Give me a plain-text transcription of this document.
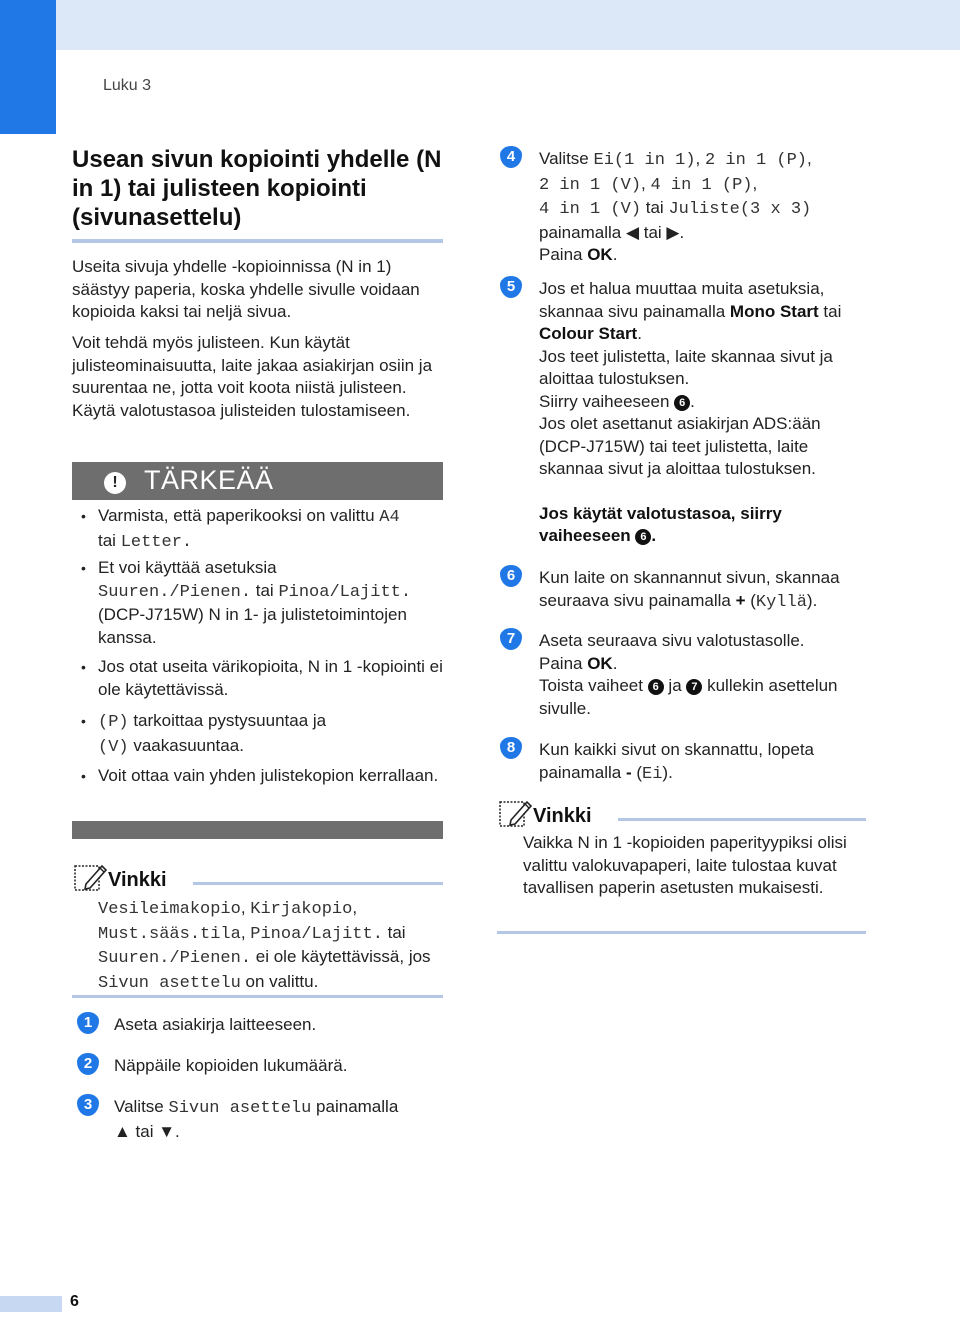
Luku 3
Usean sivun kopiointi yhdelle (N in 1) tai julisteen kopiointi (sivunasettelu)
Useita sivuja yhdelle -kopioinnissa (N in 1) säästyy paperia, koska yhdelle sivulle voidaan kopioida kaksi tai neljä sivua.
Voit tehdä myös julisteen. Kun käytät julisteominaisuutta, laite jakaa asiakirjan osiin ja suurentaa ne, jotta voit koota niistä julisteen. Käytä valotustasoa julisteiden tulostamiseen.
! TÄRKEÄÄ
• Varmista, että paperikooksi on valittu A4
tai Letter.
• Et voi käyttää asetuksia
Suuren./Pienen. tai Pinoa/Lajitt. (DCP-J715W) N in 1- ja julistetoimintojen kanssa.
• Jos otat useita värikopioita, N in 1 -kopiointi ei ole käytettävissä.
• (P) tarkoittaa pystysuuntaa ja
(V) vaakasuuntaa.
• Voit ottaa vain yhden julistekopion kerrallaan.
Vinkki
Vesileimakopio, Kirjakopio,
Must.sääs.tila, Pinoa/Lajitt. tai
Suuren./Pienen. ei ole käytettävissä, jos
Sivun asettelu on valittu.
1	Aseta asiakirja laitteeseen.
2	Näppäile kopioiden lukumäärä.
3	Valitse Sivun asettelu painamalla
▲ tai ▼.
4	Valitse Ei(1 in 1), 2 in 1 (P),
2 in 1 (V), 4 in 1 (P),
4 in 1 (V) tai Juliste(3 x 3)
painamalla ◀ tai ▶.
Paina OK.
5	Jos et halua muuttaa muita asetuksia, skannaa sivu painamalla Mono Start tai Colour Start.
Jos teet julistetta, laite skannaa sivut ja aloittaa tulostuksen.
Siirry vaiheeseen 6 .
Jos olet asettanut asiakirjan ADS:ään (DCP-J715W) tai teet julistetta, laite skannaa sivut ja aloittaa tulostuksen.
Jos käytät valotustasoa, siirry vaiheeseen 6 .
6	Kun laite on skannannut sivun, skannaa seuraava sivu painamalla + (Kyllä).
7	Aseta seuraava sivu valotustasolle.
Paina OK.
Toista vaiheet 6 ja 7 kullekin asettelun sivulle.
8	Kun kaikki sivut on skannattu, lopeta painamalla - (Ei).
Vinkki
Vaikka N in 1 -kopioiden paperityypiksi olisi valittu valokuvapaperi, laite tulostaa kuvat tavallisen paperin asetusten mukaisesti.
6
